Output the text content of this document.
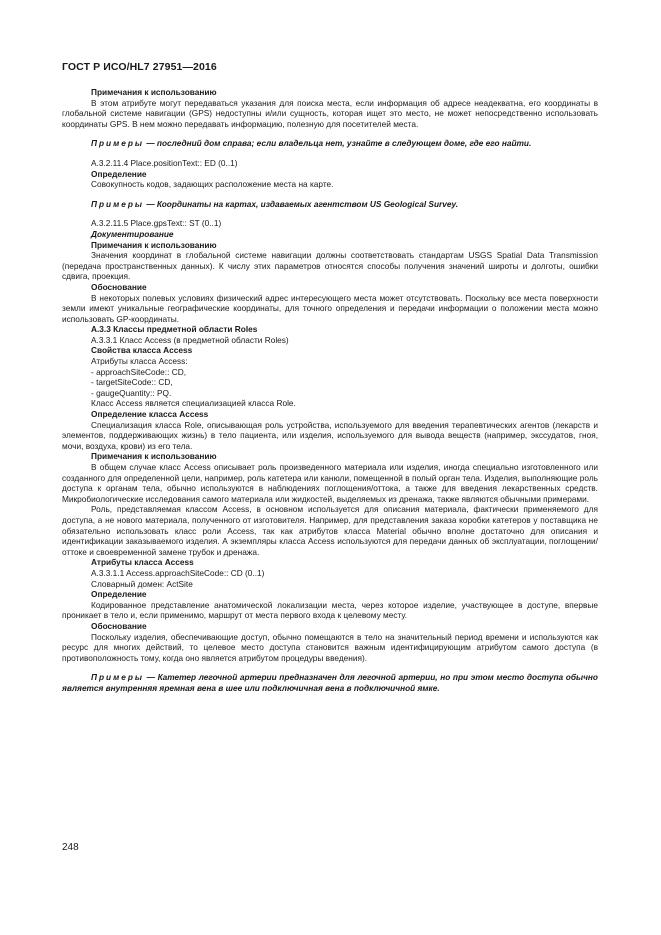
ГОСТ Р ИСО/HL7 27951—2016

Примечания к использованию

В этом атрибуте могут передаваться указания для поиска места, если информация об адресе неадекватна, его координаты в глобальной системе навигации (GPS) недоступны и/или сущность, которая ищет это место, не может непосредственно использовать координаты GPS. В нем можно передавать информацию, полезную для посетителей места.

Примеры — последний дом справа; если владельца нет, узнайте в следующем доме, где его найти.

A.3.2.11.4 Place.positionText:: ED (0..1)

Определение

Совокупность кодов, задающих расположение места на карте.

Примеры — Координаты на картах, издаваемых агентством US Geological Survey.

A.3.2.11.5 Place.gpsText:: ST (0..1)

Документирование

Примечания к использованию

Значения координат в глобальной системе навигации должны соответствовать стандартам USGS Spatial Data Transmission (передача пространственных данных). К числу этих параметров относятся способы получения значений широты и долготы, ошибки сдвига, проекция.

Обоснование

В некоторых полевых условиях физический адрес интересующего места может отсутствовать. Поскольку все места поверхности земли имеют уникальные географические координаты, для точного определения и передачи информации о положении места можно использовать GP-координаты.

A.3.3 Классы предметной области Roles

A.3.3.1 Класс Access (в предметной области Roles)

Свойства класса Access

Атрибуты класса Access:

- approachSiteCode:: CD,

- targetSiteCode:: CD,

- gaugeQuantity:: PQ.

Класс Access является специализацией класса Role.

Определение класса Access

Специализация класса Role, описывающая роль устройства, используемого для введения терапевтических агентов (лекарств и элементов, поддерживающих жизнь) в тело пациента, или изделия, используемого для вывода веществ (например, экссудатов, гноя, мочи, воздуха, крови) из его тела.

Примечания к использованию

В общем случае класс Access описывает роль произведенного материала или изделия, иногда специально изготовленного или созданного для определенной цели, например, роль катетера или канюли, помещенной в полый орган тела. Изделия, выполняющие роль доступа к органам тела, обычно используются в наблюдениях поглощения/оттока, а также для введения лекарственных средств. Микробиологические исследования самого материала или жидкостей, выделяемых из дренажа, также являются обычными примерами.

Роль, представляемая классом Access, в основном используется для описания материала, фактически применяемого для доступа, а не нового материала, полученного от изготовителя. Например, для представления заказа коробки катетеров у поставщика не обязательно использовать класс роли Access, так как атрибутов класса Material обычно вполне достаточно для описания и идентификации заказываемого изделия. А экземпляры класса Access используются для передачи данных об эксплуатации, поглощении/оттоке и своевременной замене трубок и дренажа.

Атрибуты класса Access

A.3.3.1.1 Access.approachSiteCode:: CD (0..1)

Словарный домен: ActSite

Определение

Кодированное представление анатомической локализации места, через которое изделие, участвующее в доступе, впервые проникает в тело и, если применимо, маршрут от места первого входа к целевому месту.

Обоснование

Поскольку изделия, обеспечивающие доступ, обычно помещаются в тело на значительный период времени и используются как ресурс для многих действий, то целевое место доступа становится важным идентифицирующим атрибутом самого доступа (в противоположность тому, когда оно является атрибутом процедуры введения).

Примеры — Катетер легочной артерии предназначен для легочной артерии, но при этом место доступа обычно является внутренняя яремная вена в шее или подключичная вена в подключичной ямке.

248
